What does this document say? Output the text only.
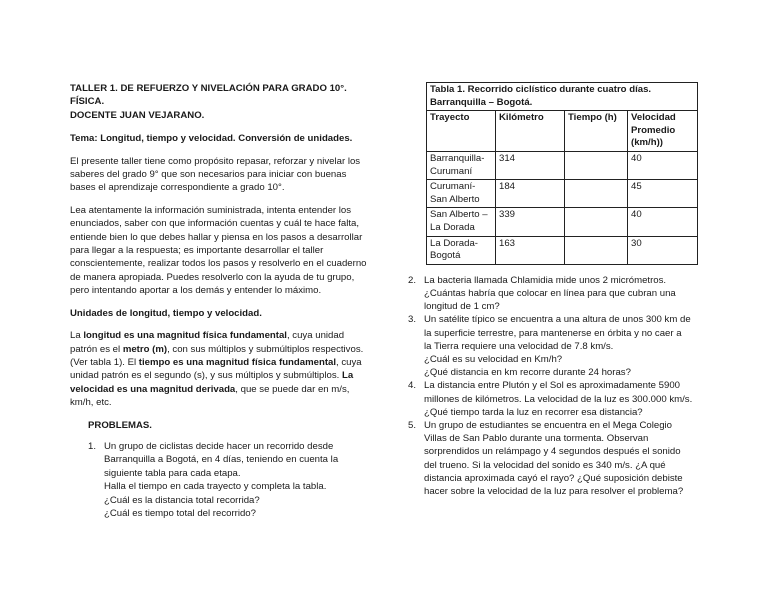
TALLER 1. DE REFUERZO Y NIVELACIÓN PARA GRADO 10°. FÍSICA.
DOCENTE JUAN VEJARANO.

Tema: Longitud, tiempo y velocidad. Conversión de unidades.

El presente taller tiene como propósito repasar, reforzar y nivelar los saberes del grado 9° que son necesarios para iniciar con buenas bases el aprendizaje correspondiente a grado 10°.

Lea atentamente la información suministrada, intenta entender los enunciados, saber con que información cuentas y cuál te hace falta, entiende bien lo que debes hallar y piensa en los pasos a desarrollar para llegar a la respuesta; es importante desarrollar el taller conscientemente, realizar todos los pasos y resolverlo en el cuaderno de manera apropiada. Puedes resolverlo con la ayuda de tu grupo, pero intentando aportar a los demás y entender lo máximo.

Unidades de longitud, tiempo y velocidad.

La longitud es una magnitud física fundamental, cuya unidad patrón es el metro (m), con sus múltiplos y submúltiplos respectivos. (Ver tabla 1). El tiempo es una magnitud física fundamental, cuya unidad patrón es el segundo (s), y sus múltiplos y submúltiplos. La velocidad es una magnitud derivada, que se puede dar en m/s, km/h, etc.

PROBLEMAS.
1. Un grupo de ciclistas decide hacer un recorrido desde
Barranquilla a Bogotá, en 4 días, teniendo en cuenta la
siguiente tabla para cada etapa.
Halla el tiempo en cada trayecto y completa la tabla.
¿Cuál es la distancia total recorrida?
¿Cuál es tiempo total del recorrido?
Tabla 1. Recorrido ciclístico durante cuatro días.
Barranquilla – Bogotá.			

Trayecto	Kilómetro	Tiempo (h)	Velocidad Promedio (km/h))
Barranquilla-Curumaní	314		40
Curumaní-San Alberto	184		45
San Alberto – La Dorada	339		40
La Dorada-Bogotá	163		30
2. La bacteria llamada Chlamidia mide unos 2 micrómetros.
¿Cuántas habría que colocar en línea para que cubran una
longitud de 1 cm?
3. Un satélite típico se encuentra a una altura de unos 300 km de
la superficie terrestre, para mantenerse en órbita y no caer a
la Tierra requiere una velocidad de 7.8 km/s.
¿Cuál es su velocidad en Km/h?
¿Qué distancia en km recorre durante 24 horas?
4. La distancia entre Plutón y el Sol es aproximadamente 5900
millones de kilómetros. La velocidad de la luz es 300.000 km/s.
¿Qué tiempo tarda la luz en recorrer esa distancia?
5. Un grupo de estudiantes se encuentra en el Mega Colegio
Villas de San Pablo durante una tormenta. Observan
sorprendidos un relámpago y 4 segundos después el sonido
del trueno. Si la velocidad del sonido es 340 m/s. ¿A qué
distancia aproximada cayó el rayo? ¿Qué suposición debiste
hacer sobre la velocidad de la luz para resolver el problema?
